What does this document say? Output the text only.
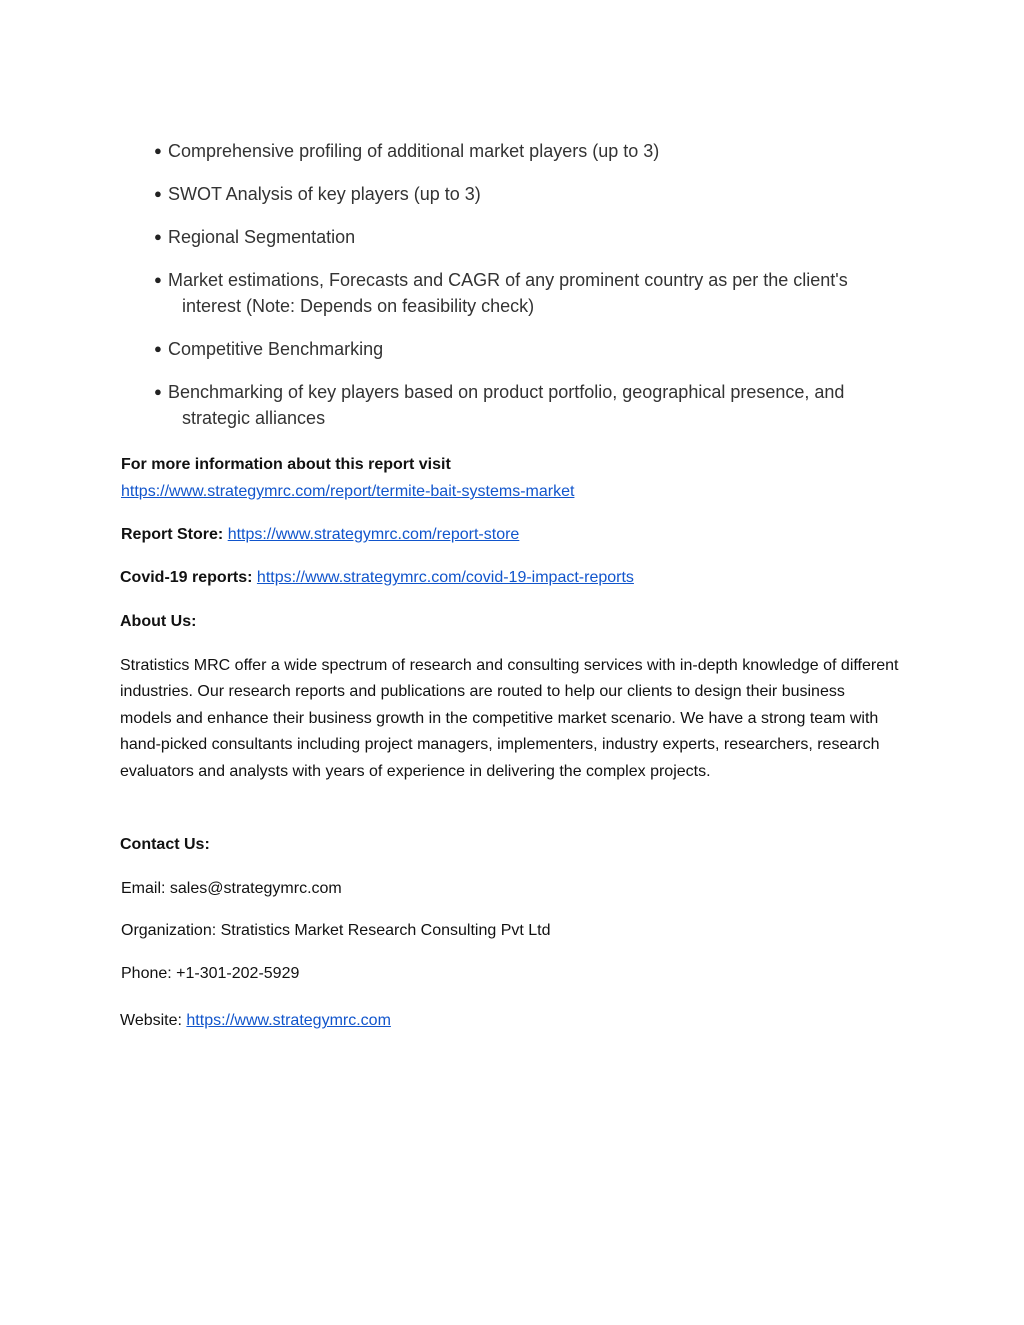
● Comprehensive profiling of additional market players (up to 3)
● SWOT Analysis of key players (up to 3)
● Regional Segmentation
● Market estimations, Forecasts and CAGR of any prominent country as per the client's
interest (Note: Depends on feasibility check)
● Competitive Benchmarking
● Benchmarking of key players based on product portfolio, geographical presence, and
strategic alliances

For more information about this report visit

https://www.strategymrc.com/report/termite-bait-systems-market

Report Store: https://www.strategymrc.com/report-store

Covid-19 reports: https://www.strategymrc.com/covid-19-impact-reports

About Us:

Stratistics MRC offer a wide spectrum of research and consulting services with in-depth knowledge of different industries. Our research reports and publications are routed to help our clients to design their business models and enhance their business growth in the competitive market scenario. We have a strong team with hand-picked consultants including project managers, implementers, industry experts, researchers, research evaluators and analysts with years of experience in delivering the complex projects.

Contact Us:

Email: sales@strategymrc.com

Organization: Stratistics Market Research Consulting Pvt Ltd

Phone: +1-301-202-5929

Website: https://www.strategymrc.com
